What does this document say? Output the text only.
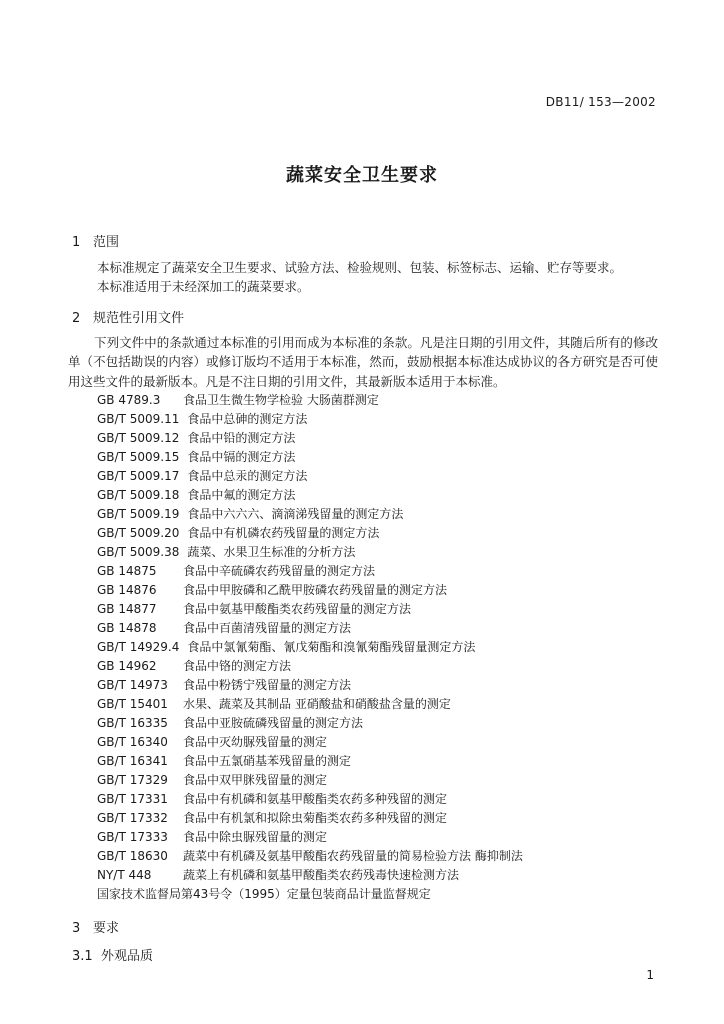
DB11/ 153—2002
蔬菜安全卫生要求
1 范围
本标准规定了蔬菜安全卫生要求、试验方法、检验规则、包装、标签标志、运输、贮存等要求。
本标准适用于未经深加工的蔬菜要求。
2 规范性引用文件
下列文件中的条款通过本标准的引用而成为本标准的条款。凡是注日期的引用文件，其随后所有的修改单（不包括勘误的内容）或修订版均不适用于本标准，然而，鼓励根据本标准达成协议的各方研究是否可使用这些文件的最新版本。凡是不注日期的引用文件，其最新版本适用于本标准。
GB 4789.3 食品卫生微生物学检验 大肠菌群测定
GB/T 5009.11 食品中总砷的测定方法
GB/T 5009.12 食品中铅的测定方法
GB/T 5009.15 食品中镉的测定方法
GB/T 5009.17 食品中总汞的测定方法
GB/T 5009.18 食品中氟的测定方法
GB/T 5009.19 食品中六六六、滴滴涕残留量的测定方法
GB/T 5009.20 食品中有机磷农药残留量的测定方法
GB/T 5009.38 蔬菜、水果卫生标准的分析方法
GB 14875 食品中辛硫磷农药残留量的测定方法
GB 14876 食品中甲胺磷和乙酰甲胺磷农药残留量的测定方法
GB 14877 食品中氨基甲酸酯类农药残留量的测定方法
GB 14878 食品中百菌清残留量的测定方法
GB/T 14929.4 食品中氯氰菊酯、氰戊菊酯和溴氰菊酯残留量测定方法
GB 14962 食品中铬的测定方法
GB/T 14973 食品中粉锈宁残留量的测定方法
GB/T 15401 水果、蔬菜及其制品 亚硝酸盐和硝酸盐含量的测定
GB/T 16335 食品中亚胺硫磷残留量的测定方法
GB/T 16340 食品中灭幼脲残留量的测定
GB/T 16341 食品中五氯硝基苯残留量的测定
GB/T 17329 食品中双甲脒残留量的测定
GB/T 17331 食品中有机磷和氨基甲酸酯类农药多种残留的测定
GB/T 17332 食品中有机氯和拟除虫菊酯类农药多种残留的测定
GB/T 17333 食品中除虫脲残留量的测定
GB/T 18630 蔬菜中有机磷及氨基甲酸酯农药残留量的简易检验方法 酶抑制法
NY/T 448	蔬菜上有机磷和氨基甲酸酯类农药残毒快速检测方法
国家技术监督局第43号令（1995）定量包装商品计量监督规定
3 要求
3.1 外观品质
1
